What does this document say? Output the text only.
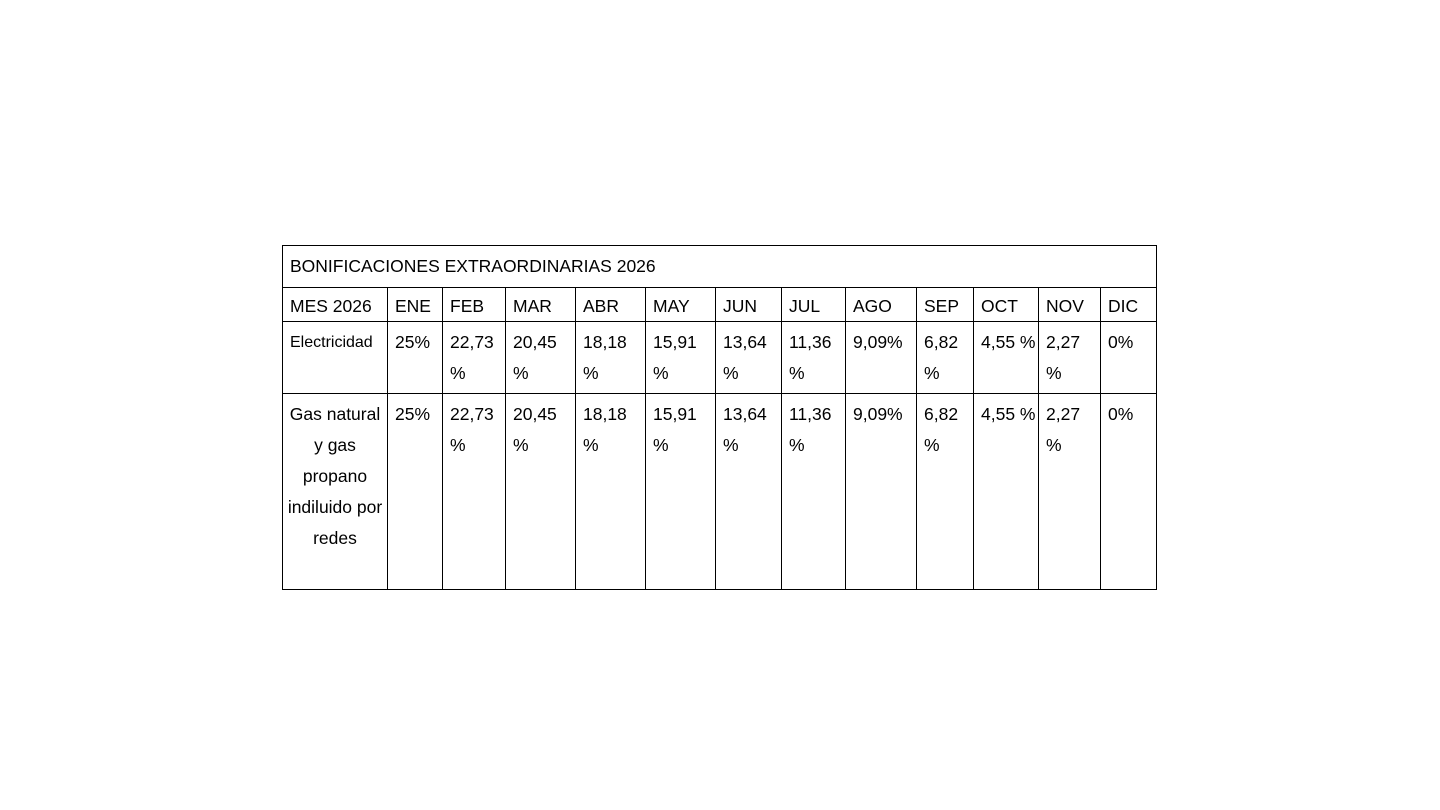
BONIFICACIONES EXTRAORDINARIAS 2026												
MES 2026	ENE	FEB	MAR	ABR	MAY	JUN	JUL	AGO	SEP	OCT	NOV	DIC
Electricidad	25%	22,73 %	20,45 %	18,18 %	15,91 %	13,64 %	11,36 %	9,09%	6,82 %	4,55 %	2,27 %	0%
Gas natural y gas propano indiluido por redes	25%	22,73 %	20,45 %	18,18 %	15,91 %	13,64 %	11,36 %	9,09%	6,82 %	4,55 %	2,27 %	0%
